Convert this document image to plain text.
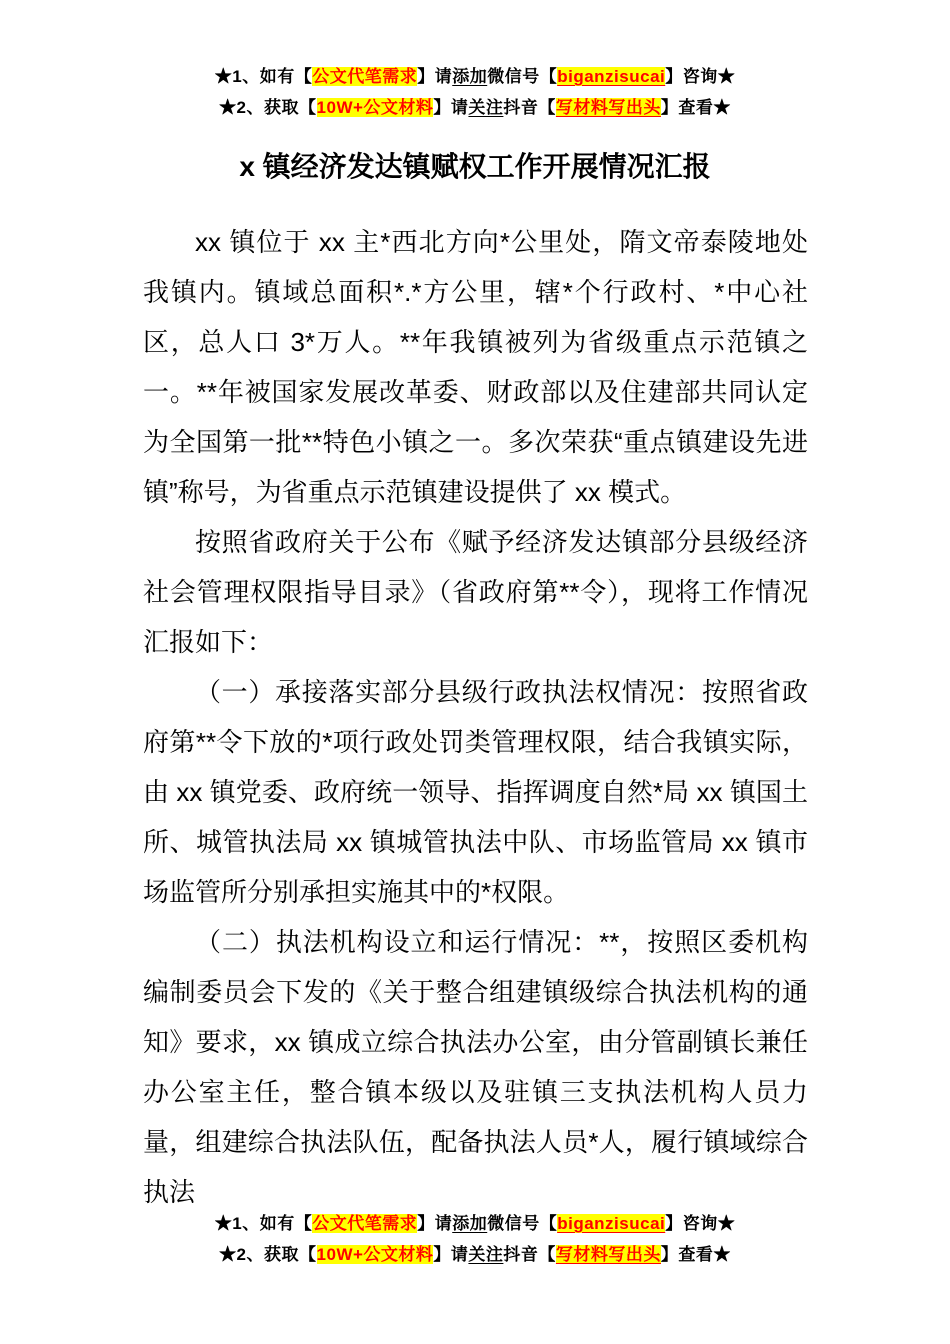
★1、如有【公文代笔需求】请添加微信号【biganzisucai】咨询★
★2、获取【10W+公文材料】请关注抖音【写材料写出头】查看★
x 镇经济发达镇赋权工作开展情况汇报

xx 镇位于 xx 主*西北方向*公里处，隋文帝泰陵地处我镇内。镇域总面积*.*方公里，辖*个行政村、*中心社区，总人口 3*万人。**年我镇被列为省级重点示范镇之一。**年被国家发展改革委、财政部以及住建部共同认定为全国第一批**特色小镇之一。多次荣获“重点镇建设先进镇”称号，为省重点示范镇建设提供了 xx 模式。

按照省政府关于公布《赋予经济发达镇部分县级经济社会管理权限指导目录》（省政府第**令），现将工作情况汇报如下：

（一）承接落实部分县级行政执法权情况：按照省政府第**令下放的*项行政处罚类管理权限，结合我镇实际，由 xx 镇党委、政府统一领导、指挥调度自然*局 xx 镇国土所、城管执法局 xx 镇城管执法中队、市场监管局 xx 镇市场监管所分别承担实施其中的*权限。

（二）执法机构设立和运行情况：**，按照区委机构编制委员会下发的《关于整合组建镇级综合执法机构的通知》要求，xx 镇成立综合执法办公室，由分管副镇长兼任办公室主任，整合镇本级以及驻镇三支执法机构人员力量，组建综合执法队伍，配备执法人员*人，履行镇域综合执法

★1、如有【公文代笔需求】请添加微信号【biganzisucai】咨询★
★2、获取【10W+公文材料】请关注抖音【写材料写出头】查看★
